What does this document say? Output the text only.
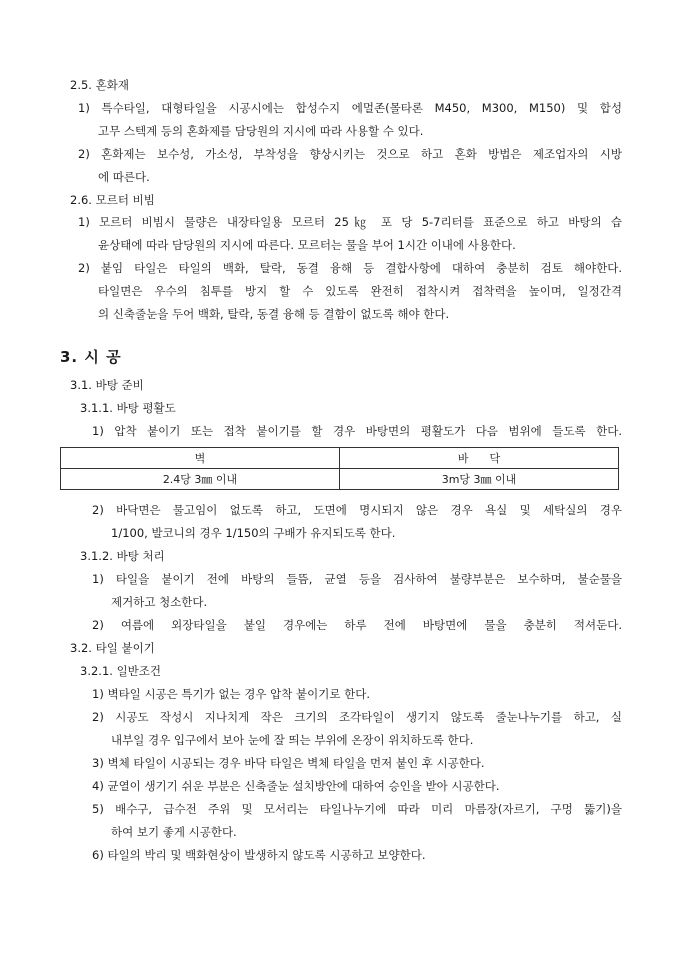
2.5. 혼화재
1) 특수타일, 대형타일을 시공시에는 합성수지 에멀존(몰타론 M450, M300, M150) 및 합성
고무 스텍계 등의 혼화제를 담당원의 지시에 따라 사용할 수 있다.
2) 혼화제는 보수성, 가소성, 부착성을 향상시키는 것으로 하고 혼화 방법은 제조업자의 시방
에 따른다.
2.6. 모르터 비빔
1) 모르터 비빔시 물량은 내장타일용 모르터 25㎏ 포 당 5-7리터를 표준으로 하고 바탕의 습
윤상태에 따라 담당원의 지시에 따른다. 모르터는 물을 부어 1시간 이내에 사용한다.
2) 붙임 타일은 타일의 백화, 탈락, 동결 융해 등 결합사항에 대하여 충분히 검토 해야한다.
타일면은 우수의 침투를 방지 할 수 있도록 완전히 접착시켜 접착력을 높이며, 일정간격
의 신축줄눈을 두어 백화, 탈락, 동결 융해 등 결함이 없도록 해야 한다.
3. 시 공
3.1. 바탕 준비
3.1.1. 바탕 평활도
1) 압착 붙이기 또는 접착 붙이기를 할 경우 바탕면의 평활도가 다음 범위에 들도록 한다.
벽	바      닥
2.4당 3㎜ 이내	3m당 3㎜ 이내
2) 바닥면은 물고임이 없도록 하고, 도면에 명시되지 않은 경우 욕실 및 세탁실의 경우
1/100, 발코니의 경우 1/150의 구배가 유지되도록 한다.
3.1.2. 바탕 처리
1) 타일을 붙이기 전에 바탕의 들뜸, 균열 등을 검사하여 불량부분은 보수하며, 불순물을
제거하고 청소한다.
2) 여름에 외장타일을 붙일 경우에는 하루 전에 바탕면에 물을 충분히 적셔둔다.
3.2. 타일 붙이기
3.2.1. 일반조건
1) 벽타일 시공은 특기가 없는 경우 압착 붙이기로 한다.
2) 시공도 작성시 지나치게 작은 크기의 조각타일이 생기지 않도록 줄눈나누기를 하고, 실
내부일 경우 입구에서 보아 눈에 잘 띄는 부위에 온장이 위치하도록 한다.
3) 벽체 타일이 시공되는 경우 바닥 타일은 벽체 타일을 먼저 붙인 후 시공한다.
4) 균열이 생기기 쉬운 부분은 신축줄눈 설치방안에 대하여 승인을 받아 시공한다.
5) 배수구, 급수전 주위 및 모서리는 타일나누기에 따라 미리 마름장(자르기, 구멍 뚫기)을
하여 보기 좋게 시공한다.
6) 타일의 박리 및 백화현상이 발생하지 않도록 시공하고 보양한다.
